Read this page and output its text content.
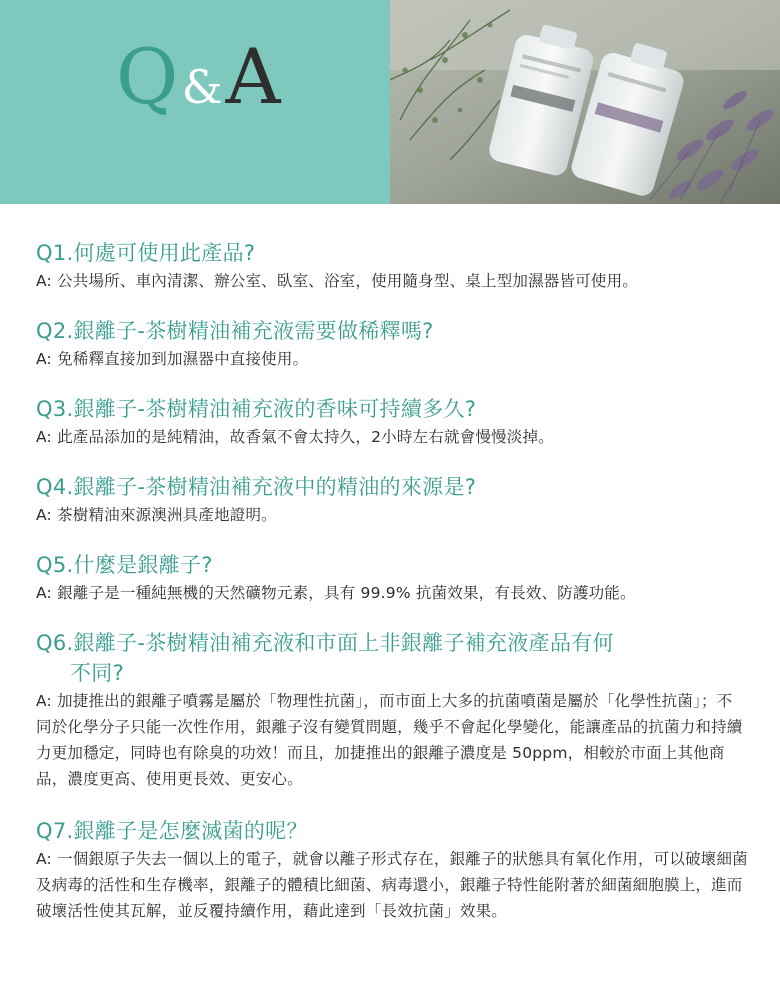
Q & A

Q1.何處可使用此產品?

A: 公共場所、車內清潔、辦公室、臥室、浴室，使用隨身型、桌上型加濕器皆可使用。

Q2.銀離子-茶樹精油補充液需要做稀釋嗎?

A: 免稀釋直接加到加濕器中直接使用。

Q3.銀離子-茶樹精油補充液的香味可持續多久?

A: 此產品添加的是純精油，故香氣不會太持久，2小時左右就會慢慢淡掉。

Q4.銀離子-茶樹精油補充液中的精油的來源是?

A: 茶樹精油來源澳洲具產地證明。

Q5.什麼是銀離子?

A: 銀離子是一種純無機的天然礦物元素，具有 99.9% 抗菌效果，有長效、防護功能。

Q6.銀離子-茶樹精油補充液和市面上非銀離子補充液產品有何
不同?

A: 加捷推出的銀離子噴霧是屬於「物理性抗菌」，而市面上大多的抗菌噴菌是屬於「化學性抗菌」；不同於化學分子只能一次性作用，銀離子沒有變質問題，幾乎不會起化學變化，能讓產品的抗菌力和持續力更加穩定，同時也有除臭的功效！而且，加捷推出的銀離子濃度是 50ppm，相較於市面上其他商品，濃度更高、使用更長效、更安心。

Q7.銀離子是怎麼滅菌的呢？

A: 一個銀原子失去一個以上的電子，就會以離子形式存在，銀離子的狀態具有氧化作用，可以破壞細菌及病毒的活性和生存機率，銀離子的體積比細菌、病毒還小，銀離子特性能附著於細菌細胞膜上，進而破壞活性使其瓦解，並反覆持續作用，藉此達到「長效抗菌」效果。
